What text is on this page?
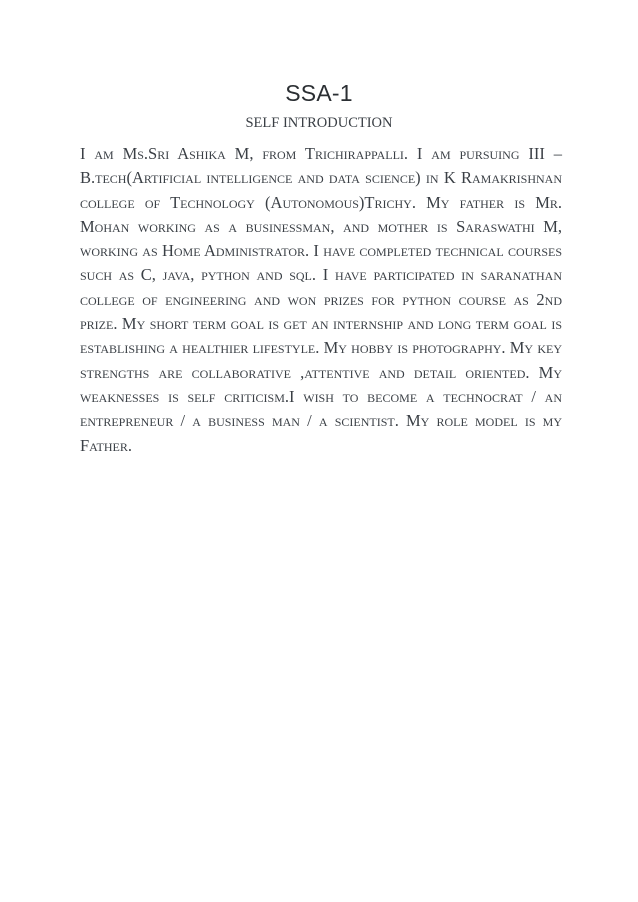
SSA-1
SELF INTRODUCTION

I am Ms.Sri Ashika M, from Trichirappalli. I am pursuing III – B.tech(Artificial intelligence and data science) in K Ramakrishnan college of Technology (Autonomous)Trichy. My father is Mr. Mohan working as a businessman, and mother is Saraswathi M, working as Home Administrator. I have completed technical courses such as C, java, python and sql. I have participated in saranathan college of engineering and won prizes for python course as 2nd prize. My short term goal is get an internship and long term goal is establishing a healthier lifestyle. My hobby is photography. My key strengths are collaborative ,attentive and detail oriented. My weaknesses is self criticism.I wish to become a technocrat / an entrepreneur / a business man / a scientist. My role model is my Father.
